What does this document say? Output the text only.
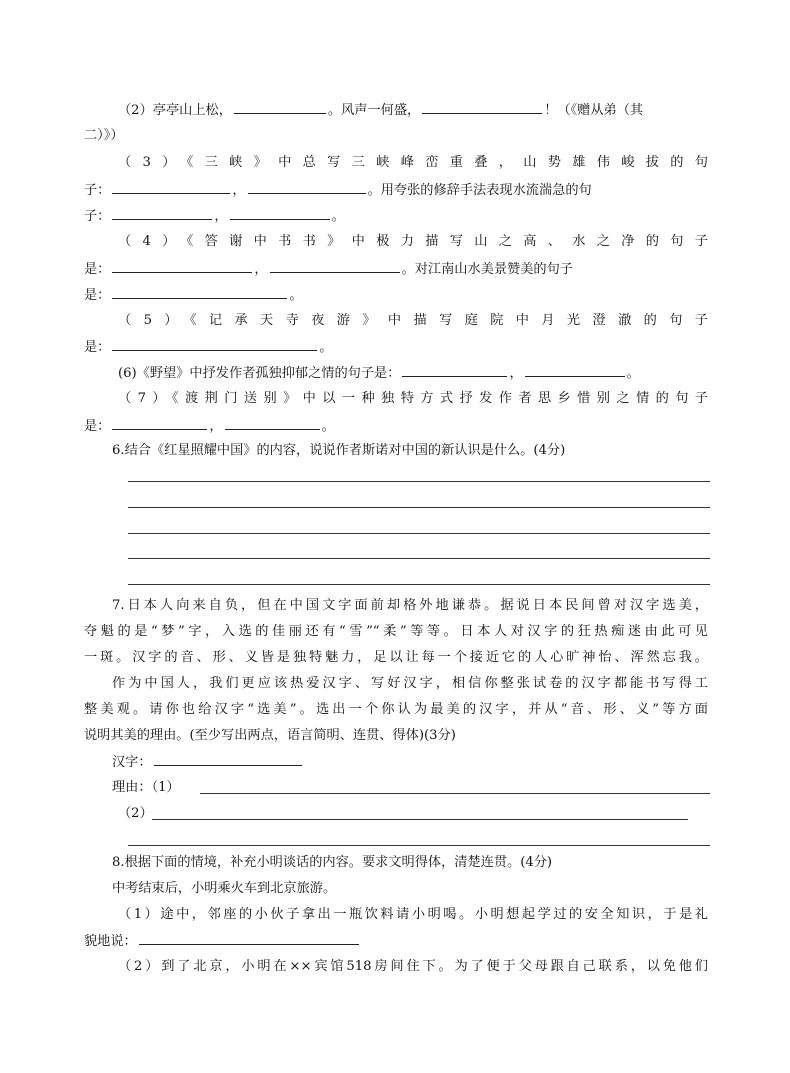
（2）亭亭山上松，	。风声一何盛，	！（《赠从弟（其
二）》）
（3）《三峡》中总写三峡峰峦重叠，山势雄伟峻拔的句
子：	，	。用夸张的修辞手法表现水流湍急的句
子：	，	。
（4）《答谢中书书》中极力描写山之高、水之净的句子
是：	，	。对江南山水美景赞美的句子
是：	。
（5）《记承天寺夜游》中描写庭院中月光澄澈的句子
是：	。
(6)《野望》中抒发作者孤独抑郁之情的句子是：	，	。
（7）《渡荆门送别》中以一种独特方式抒发作者思乡惜别之情的句子
是：	，	。
6.结合《红星照耀中国》的内容，说说作者斯诺对中国的新认识是什么。(4分)
7.日本人向来自负，但在中国文字面前却格外地谦恭。据说日本民间曾对汉字选美，
夺魁的是“梦”字，入选的佳丽还有“雪”“柔”等等。日本人对汉字的狂热痴迷由此可见
一斑。汉字的音、形、义皆是独特魅力，足以让每一个接近它的人心旷神怡、浑然忘我。
作为中国人，我们更应该热爱汉字、写好汉字，相信你整张试卷的汉字都能书写得工
整美观。请你也给汉字“选美”。选出一个你认为最美的汉字，并从“音、形、义”等方面
说明其美的理由。(至少写出两点，语言简明、连贯、得体)(3分)
汉字：
理由：（1）
（2）
8.根据下面的情境，补充小明谈话的内容。要求文明得体，清楚连贯。(4分)
中考结束后，小明乘火车到北京旅游。
（1）途中，邻座的小伙子拿出一瓶饮料请小明喝。小明想起学过的安全知识，于是礼
貌地说：
（2）到了北京，小明在××宾馆518房间住下。为了便于父母跟自己联系，以免他们
